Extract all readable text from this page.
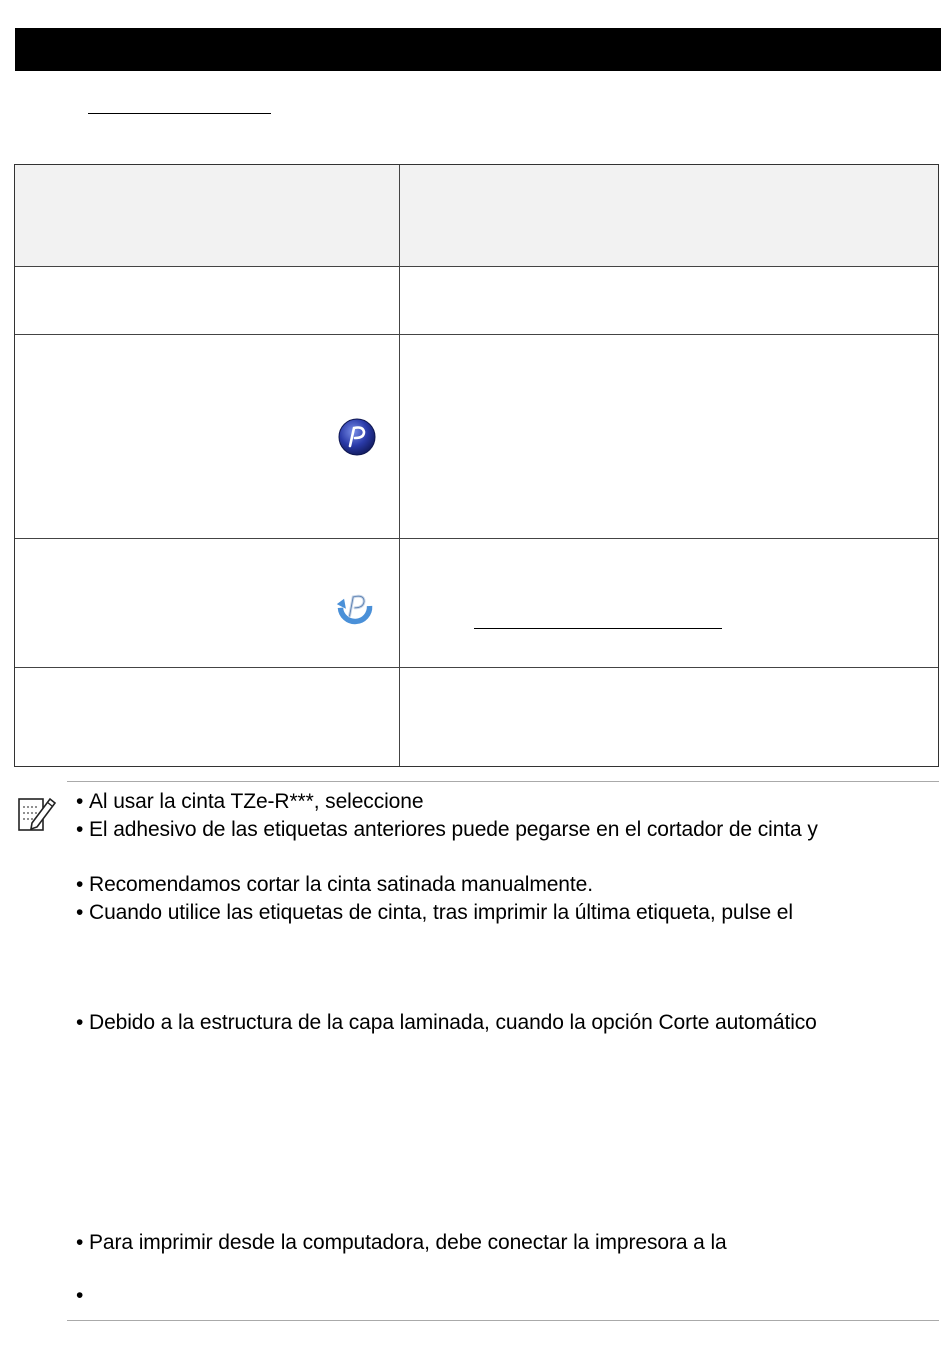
• Al usar la cinta TZe-R***, seleccione
• El adhesivo de las etiquetas anteriores puede pegarse en el cortador de cinta y
• Recomendamos cortar la cinta satinada manualmente.
• Cuando utilice las etiquetas de cinta, tras imprimir la última etiqueta, pulse el
• Debido a la estructura de la capa laminada, cuando la opción Corte automático
• Para imprimir desde la computadora, debe conectar la impresora a la
•
